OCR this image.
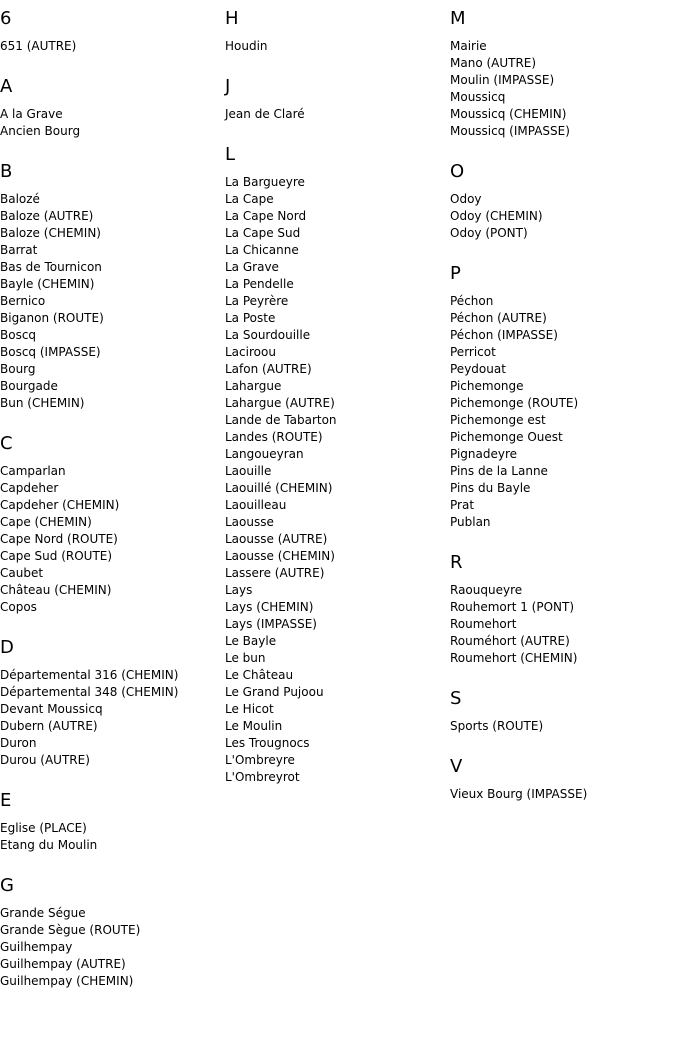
6
651 (AUTRE)
A
A la Grave
Ancien Bourg
B
Balozé
Baloze (AUTRE)
Baloze (CHEMIN)
Barrat
Bas de Tournicon
Bayle (CHEMIN)
Bernico
Biganon (ROUTE)
Boscq
Boscq (IMPASSE)
Bourg
Bourgade
Bun (CHEMIN)
C
Camparlan
Capdeher
Capdeher (CHEMIN)
Cape (CHEMIN)
Cape Nord (ROUTE)
Cape Sud (ROUTE)
Caubet
Château (CHEMIN)
Copos
D
Départemental 316 (CHEMIN)
Départemental 348 (CHEMIN)
Devant Moussicq
Dubern (AUTRE)
Duron
Durou (AUTRE)
E
Eglise (PLACE)
Etang du Moulin
G
Grande Ségue
Grande Sègue (ROUTE)
Guilhempay
Guilhempay (AUTRE)
Guilhempay (CHEMIN)
H
Houdin
J
Jean de Claré
L
La Bargueyre
La Cape
La Cape Nord
La Cape Sud
La Chicanne
La Grave
La Pendelle
La Peyrère
La Poste
La Sourdouille
Laciroou
Lafon (AUTRE)
Lahargue
Lahargue (AUTRE)
Lande de Tabarton
Landes (ROUTE)
Langoueyran
Laouille
Laouillé (CHEMIN)
Laouilleau
Laousse
Laousse (AUTRE)
Laousse (CHEMIN)
Lassere (AUTRE)
Lays
Lays (CHEMIN)
Lays (IMPASSE)
Le Bayle
Le bun
Le Château
Le Grand Pujoou
Le Hicot
Le Moulin
Les Trougnocs
L'Ombreyre
L'Ombreyrot
M
Mairie
Mano (AUTRE)
Moulin (IMPASSE)
Moussicq
Moussicq (CHEMIN)
Moussicq (IMPASSE)
O
Odoy
Odoy (CHEMIN)
Odoy (PONT)
P
Péchon
Péchon (AUTRE)
Péchon (IMPASSE)
Perricot
Peydouat
Pichemonge
Pichemonge (ROUTE)
Pichemonge est
Pichemonge Ouest
Pignadeyre
Pins de la Lanne
Pins du Bayle
Prat
Publan
R
Raouqueyre
Rouhemort 1 (PONT)
Roumehort
Rouméhort (AUTRE)
Roumehort (CHEMIN)
S
Sports (ROUTE)
V
Vieux Bourg (IMPASSE)
